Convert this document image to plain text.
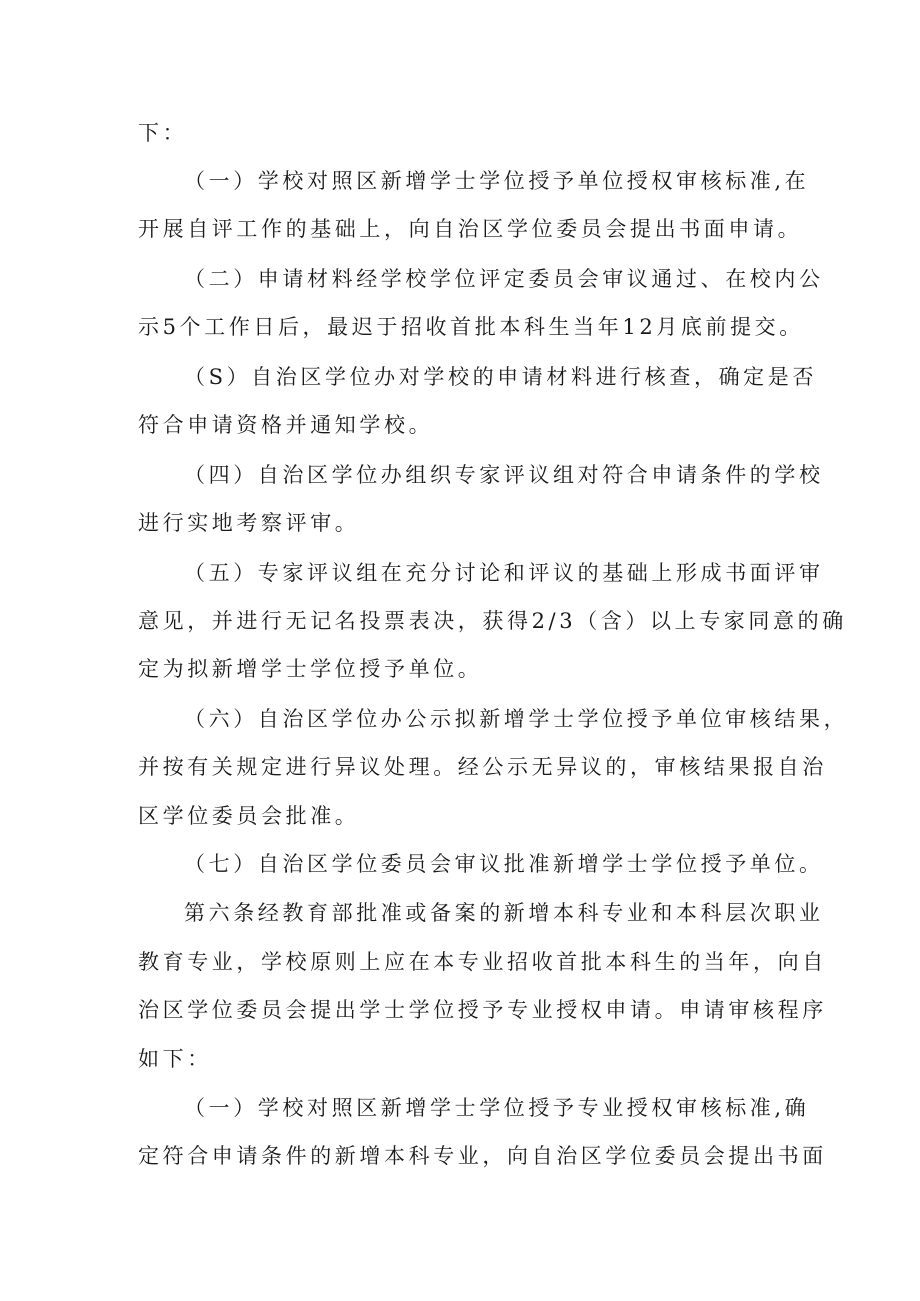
下：
（一）学校对照区新增学士学位授予单位授权审核标准,在
开展自评工作的基础上，向自治区学位委员会提出书面申请。
（二）申请材料经学校学位评定委员会审议通过、在校内公
示5个工作日后，最迟于招收首批本科生当年12月底前提交。
（S）自治区学位办对学校的申请材料进行核查，确定是否
符合申请资格并通知学校。
（四）自治区学位办组织专家评议组对符合申请条件的学校
进行实地考察评审。
（五）专家评议组在充分讨论和评议的基础上形成书面评审
意见，并进行无记名投票表决，获得2/3（含）以上专家同意的确
定为拟新增学士学位授予单位。
（六）自治区学位办公示拟新增学士学位授予单位审核结果，
并按有关规定进行异议处理。经公示无异议的，审核结果报自治
区学位委员会批准。
（七）自治区学位委员会审议批准新增学士学位授予单位。
第六条经教育部批准或备案的新增本科专业和本科层次职业
教育专业，学校原则上应在本专业招收首批本科生的当年，向自
治区学位委员会提出学士学位授予专业授权申请。申请审核程序
如下：
（一）学校对照区新增学士学位授予专业授权审核标准,确
定符合申请条件的新增本科专业，向自治区学位委员会提出书面
